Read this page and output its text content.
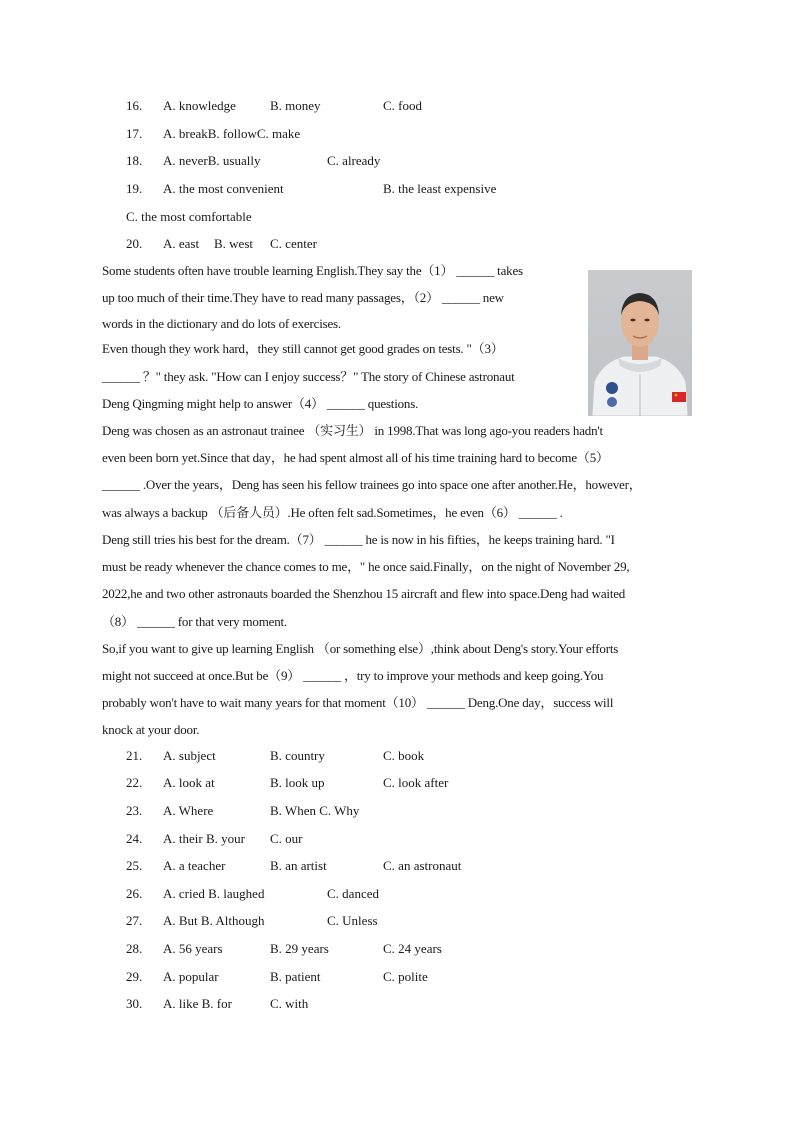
16. A. knowledge	B. money	C. food
17. A. breakB. followC. make
18. A. neverB. usually	C. already
19. A. the most convenient	B. the least expensive
C. the most comfortable
20. A. east B. west C. center
Some students often have trouble learning English.They say the（1） ______ takes
up too much of their time.They have to read many passages，（2） ______ new
words in the dictionary and do lots of exercises.
Even though they work hard，they still cannot get good grades on tests. "（3）
______ ？" they ask. "How can I enjoy success？" The story of Chinese astronaut
Deng Qingming might help to answer（4） ______ questions.
Deng was chosen as an astronaut trainee （实习生） in 1998.That was long ago-you readers hadn't
even been born yet.Since that day，he had spent almost all of his time training hard to become（5）
______ .Over the years，Deng has seen his fellow trainees go into space one after another.He，however，
was always a backup （后备人员）.He often felt sad.Sometimes，he even（6） ______ .
Deng still tries his best for the dream.（7） ______ he is now in his fifties，he keeps training hard. "I
must be ready whenever the chance comes to me，" he once said.Finally，on the night of November 29,
2022,he and two other astronauts boarded the Shenzhou 15 aircraft and flew into space.Deng had waited
（8） ______ for that very moment.
So,if you want to give up learning English （or something else）,think about Deng's story.Your efforts
might not succeed at once.But be（9） ______ ，try to improve your methods and keep going.You
probably won't have to wait many years for that moment（10） ______ Deng.One day，success will
knock at your door.
21. A. subject	B. country	C. book
22. A. look at	B. look up	C. look after
23. A. Where	B. When C. Why
24. A. their B. your C. our
25. A. a teacher	B. an artist	C. an astronaut
26. A. cried B. laughed	C. danced
27. A. But B. Although	C. Unless
28. A. 56 years	B. 29 years	C. 24 years
29. A. popular	B. patient	C. polite
30. A. like B. for	C. with
